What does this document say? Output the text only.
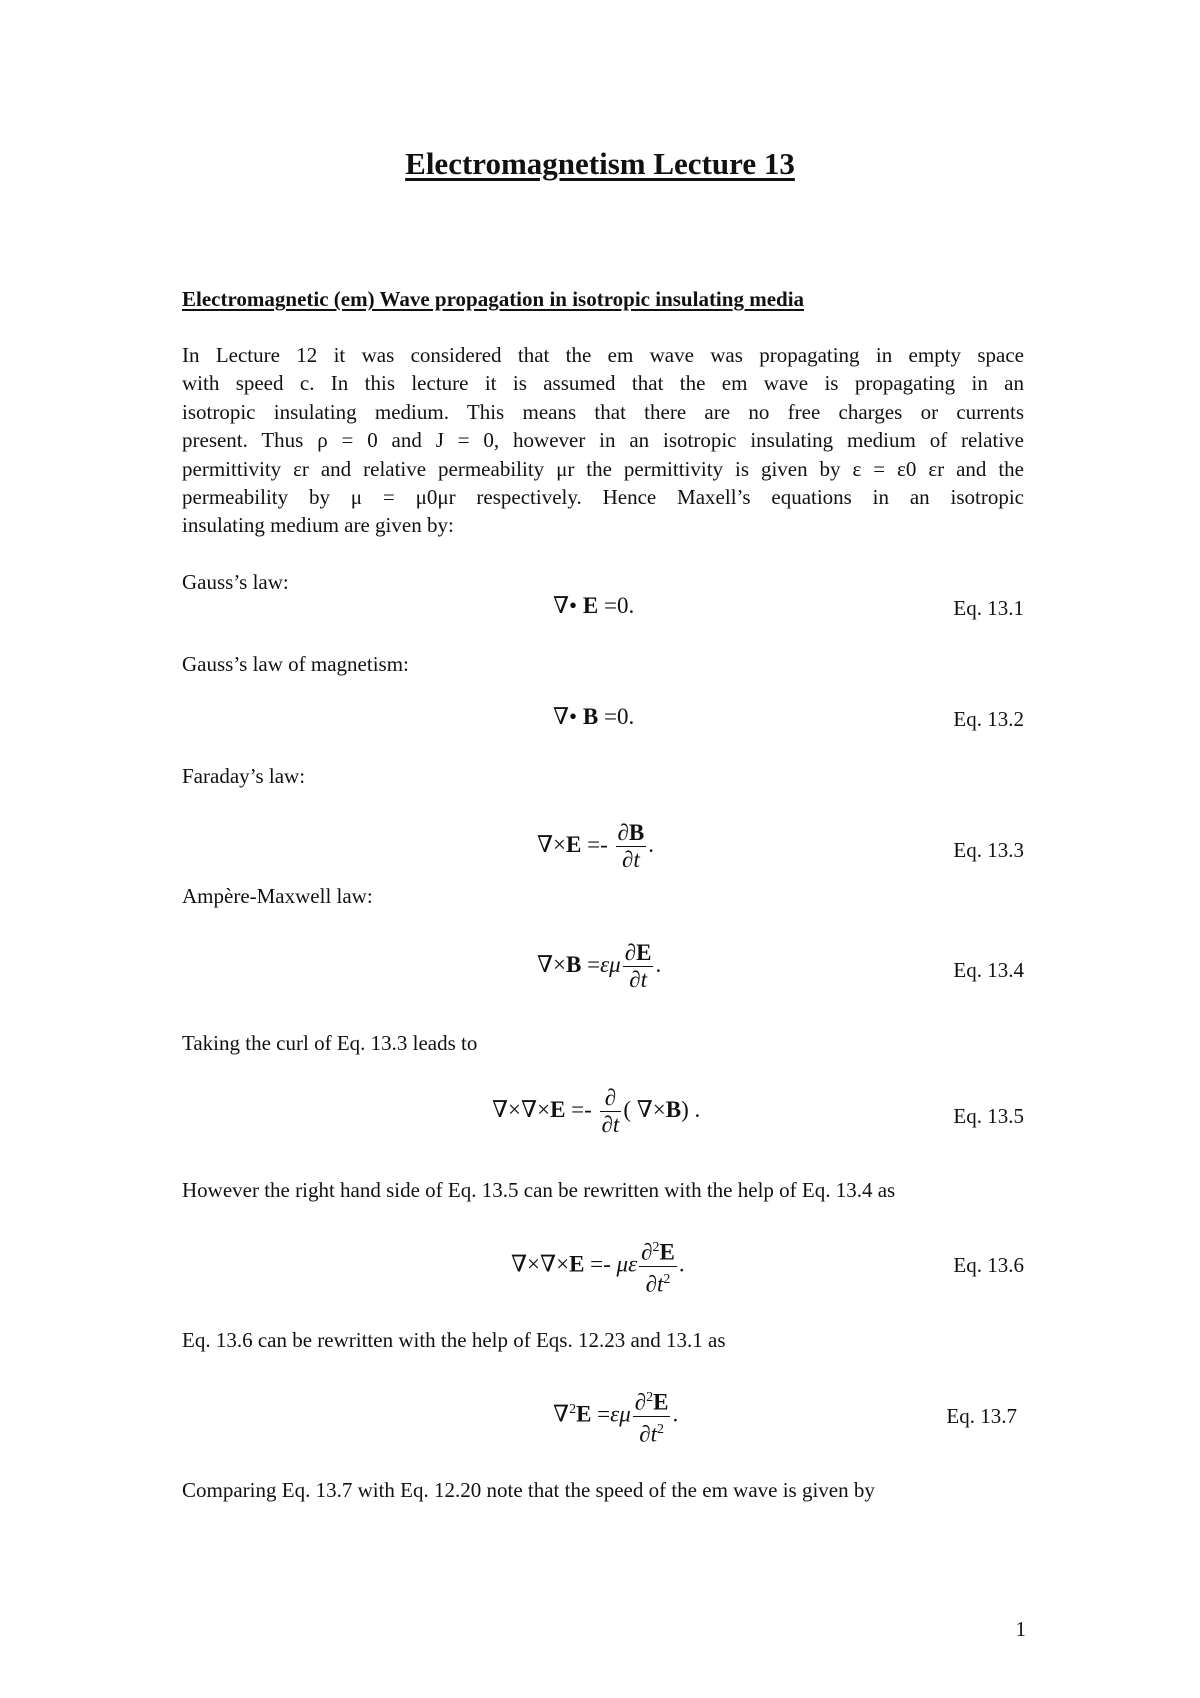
Electromagnetism Lecture 13
Electromagnetic (em) Wave propagation in isotropic insulating media
In Lecture 12 it was considered that the em wave was propagating in empty space
with speed c. In this lecture it is assumed that the em wave is propagating in an
isotropic insulating medium. This means that there are no free charges or currents
present. Thus ρ = 0 and J = 0, however in an isotropic insulating medium of relative
permittivity εr and relative permeability μr the permittivity is given by ε = ε0 εr and the
permeability by μ = μ0μr respectively. Hence Maxell’s equations in an isotropic
insulating medium are given by:
Gauss’s law:
∇• E =0.	Eq. 13.1
Gauss’s law of magnetism:
∇• B =0.	Eq. 13.2
Faraday’s law:
$\nabla\times E =- \frac{\partial B}{\partial t}$ .	Eq. 13.3
Ampère-Maxwell law:
$\nabla\times B =\varepsilon\mu \frac{\partial E}{\partial t}$ .	Eq. 13.4
Taking the curl of Eq. 13.3 leads to
$\nabla\times\nabla\times E =- \frac{\partial}{\partial t}$ ( ∇×B) .	Eq. 13.5
However the right hand side of Eq. 13.5 can be rewritten with the help of Eq. 13.4 as
∇×∇×E =- με $\frac{\partial^2E}{\partial t^2}$ .	Eq. 13.6
Eq. 13.6 can be rewritten with the help of Eqs. 12.23 and 13.1 as
$\nabla^2E =\varepsilon\mu \frac{\partial^2E}{\partial t^2}$ .	Eq. 13.7
Comparing Eq. 13.7 with Eq. 12.20 note that the speed of the em wave is given by
1
